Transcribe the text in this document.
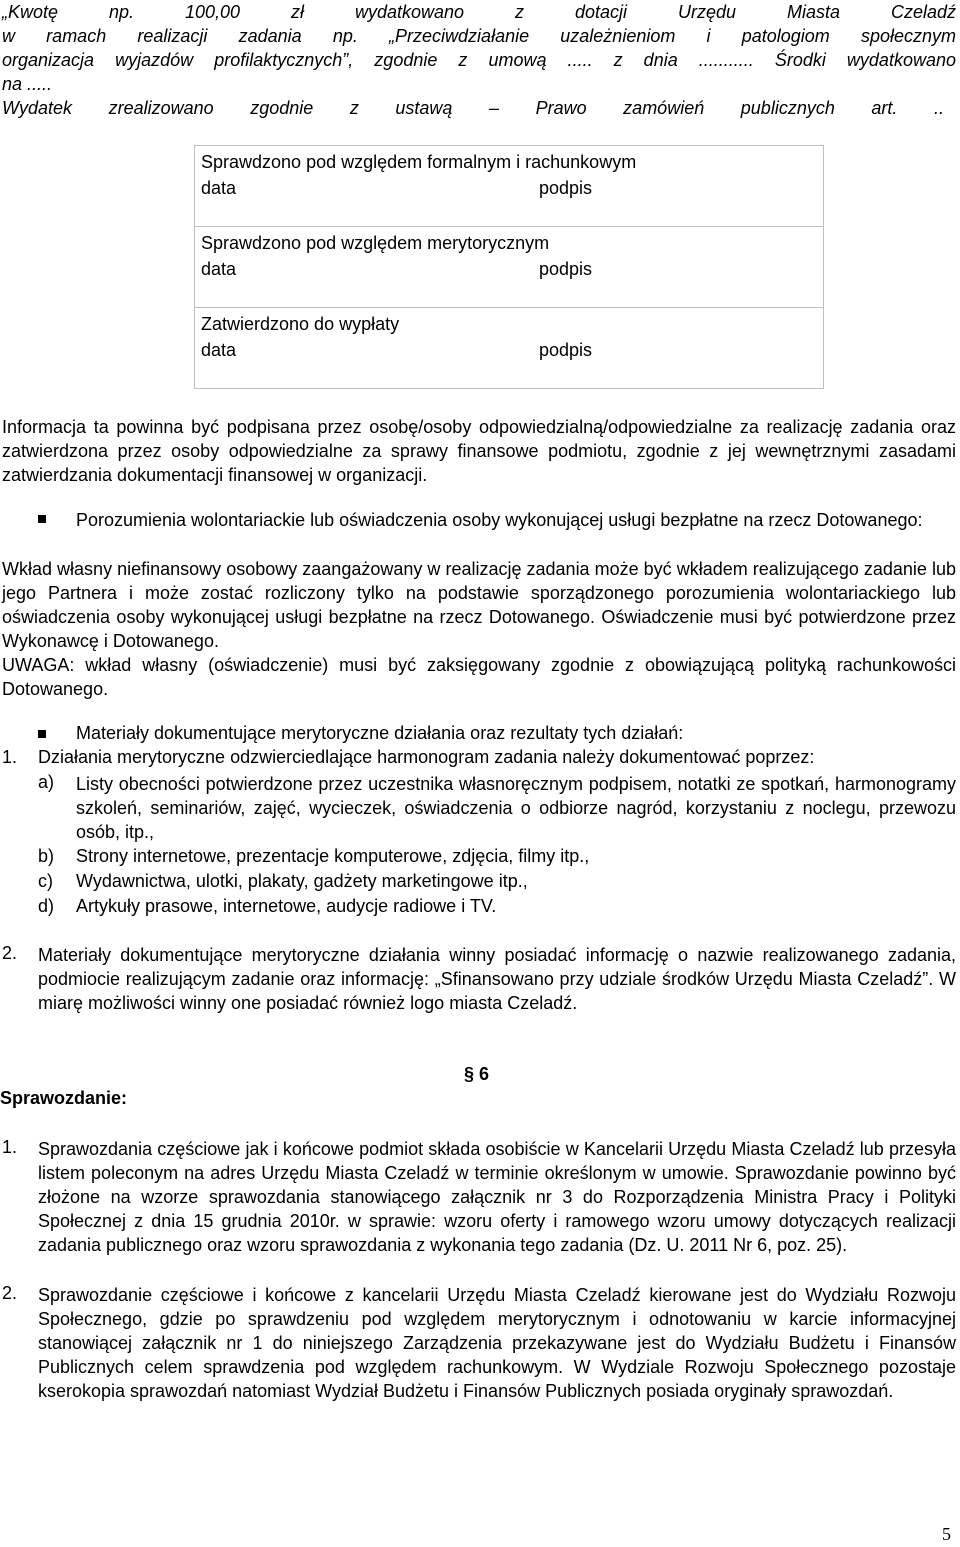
„Kwotę np. 100,00 zł wydatkowano z dotacji Urzędu Miasta Czeladź
w ramach realizacji zadania np. „Przeciwdziałanie uzależnieniom i patologiom społecznym
organizacja wyjazdów profilaktycznych”, zgodnie z umową ..... z dnia ........... Środki wydatkowano
na .....
Wydatek zrealizowano zgodnie z ustawą – Prawo zamówień publicznych art. ..
Sprawdzono pod względem formalnym i rachunkowym
data	podpis
Sprawdzono pod względem merytorycznym
data	podpis
Zatwierdzono do wypłaty
data	podpis
Informacja ta powinna być podpisana przez osobę/osoby odpowiedzialną/odpowiedzialne za realizację zadania oraz zatwierdzona przez osoby odpowiedzialne za sprawy finansowe podmiotu, zgodnie z jej wewnętrznymi zasadami zatwierdzania dokumentacji finansowej w organizacji.
Porozumienia wolontariackie lub oświadczenia osoby wykonującej usługi bezpłatne na rzecz Dotowanego:
Wkład własny niefinansowy osobowy zaangażowany w realizację zadania może być wkładem realizującego zadanie lub jego Partnera i może zostać rozliczony tylko na podstawie sporządzonego porozumienia wolontariackiego lub oświadczenia osoby wykonującej usługi bezpłatne na rzecz Dotowanego. Oświadczenie musi być potwierdzone przez Wykonawcę i Dotowanego.
UWAGA: wkład własny (oświadczenie) musi być zaksięgowany zgodnie z obowiązującą polityką rachunkowości Dotowanego.
Materiały dokumentujące merytoryczne działania oraz rezultaty tych działań:
1. Działania merytoryczne odzwierciedlające harmonogram zadania należy dokumentować poprzez:
a) Listy obecności potwierdzone przez uczestnika własnoręcznym podpisem, notatki ze spotkań, harmonogramy szkoleń, seminariów, zajęć, wycieczek, oświadczenia o odbiorze nagród, korzystaniu z noclegu, przewozu osób, itp.,
b) Strony internetowe, prezentacje komputerowe, zdjęcia, filmy itp.,
c) Wydawnictwa, ulotki, plakaty, gadżety marketingowe itp.,
d) Artykuły prasowe, internetowe, audycje radiowe i TV.
2. Materiały dokumentujące merytoryczne działania winny posiadać informację o nazwie realizowanego zadania, podmiocie realizującym zadanie oraz informację: „Sfinansowano przy udziale środków Urzędu Miasta Czeladź”. W miarę możliwości winny one posiadać również logo miasta Czeladź.
§ 6
Sprawozdanie:
1. Sprawozdania częściowe jak i końcowe podmiot składa osobiście w Kancelarii Urzędu Miasta Czeladź lub przesyła listem poleconym na adres Urzędu Miasta Czeladź w terminie określonym w umowie. Sprawozdanie powinno być złożone na wzorze sprawozdania stanowiącego załącznik nr 3 do Rozporządzenia Ministra Pracy i Polityki Społecznej z dnia 15 grudnia 2010r. w sprawie: wzoru oferty i ramowego wzoru umowy dotyczących realizacji zadania publicznego oraz wzoru sprawozdania z wykonania tego zadania (Dz. U. 2011 Nr 6, poz. 25).
2. Sprawozdanie częściowe i końcowe z kancelarii Urzędu Miasta Czeladź kierowane jest do Wydziału Rozwoju Społecznego, gdzie po sprawdzeniu pod względem merytorycznym i odnotowaniu w karcie informacyjnej stanowiącej załącznik nr 1 do niniejszego Zarządzenia przekazywane jest do Wydziału Budżetu i Finansów Publicznych celem sprawdzenia pod względem rachunkowym. W Wydziale Rozwoju Społecznego pozostaje kserokopia sprawozdań natomiast Wydział Budżetu i Finansów Publicznych posiada oryginały sprawozdań.
5
